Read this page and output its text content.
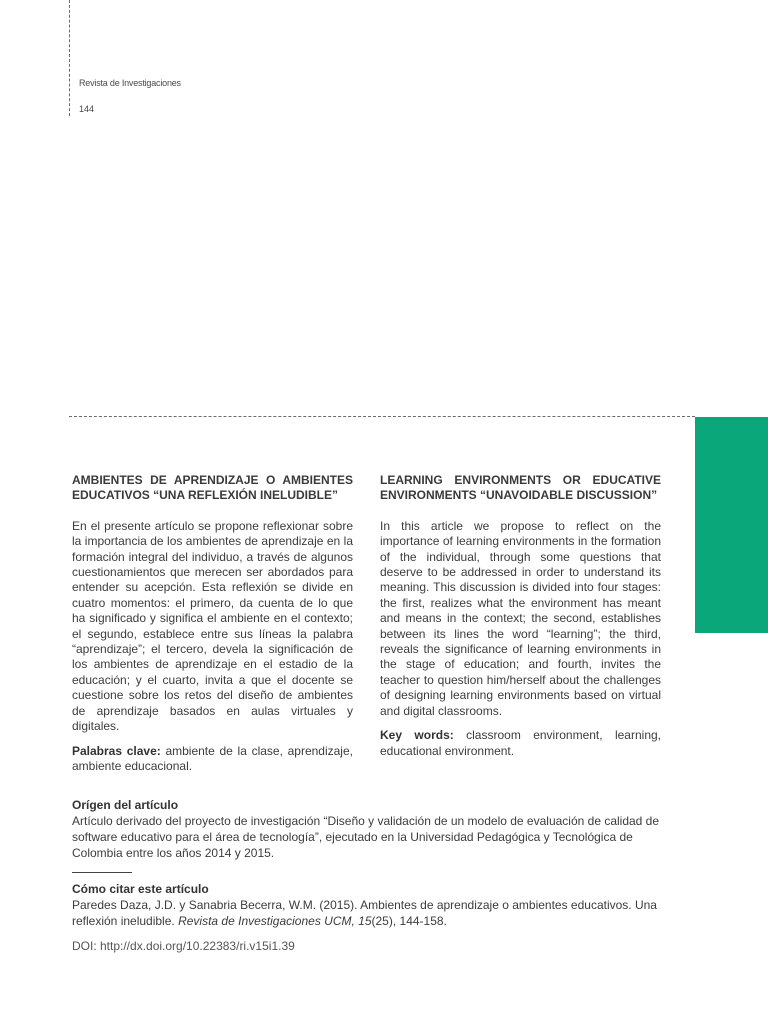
Revista de Investigaciones
144
AMBIENTES DE APRENDIZAJE O AMBIENTES EDUCATIVOS “UNA REFLEXIÓN INELUDIBLE”

En el presente artículo se propone reflexionar sobre la importancia de los ambientes de aprendizaje en la formación integral del individuo, a través de algunos cuestionamientos que merecen ser abordados para entender su acepción. Esta reflexión se divide en cuatro momentos: el primero, da cuenta de lo que ha significado y significa el ambiente en el contexto; el segundo, establece entre sus líneas la palabra “aprendizaje”; el tercero, devela la significación de los ambientes de aprendizaje en el estadio de la educación; y el cuarto, invita a que el docente se cuestione sobre los retos del diseño de ambientes de aprendizaje basados en aulas virtuales y digitales.

Palabras clave: ambiente de la clase, aprendizaje, ambiente educacional.

LEARNING ENVIRONMENTS OR EDUCATIVE ENVIRONMENTS “UNAVOIDABLE DISCUSSION”

In this article we propose to reflect on the importance of learning environments in the formation of the individual, through some questions that deserve to be addressed in order to understand its meaning. This discussion is divided into four stages: the first, realizes what the environment has meant and means in the context; the second, establishes between its lines the word “learning”; the third, reveals the significance of learning environments in the stage of education; and fourth, invites the teacher to question him/herself about the challenges of designing learning environments based on virtual and digital classrooms.

Key words: classroom environment, learning, educational environment.

Orígen del artículo
Artículo derivado del proyecto de investigación “Diseño y validación de un modelo de evaluación de calidad de software educativo para el área de tecnología”, ejecutado en la Universidad Pedagógica y Tecnológica de Colombia entre los años 2014 y 2015.
Cómo citar este artículo
Paredes Daza, J.D. y Sanabria Becerra, W.M. (2015). Ambientes de aprendizaje o ambientes educativos. Una reflexión ineludible. Revista de Investigaciones UCM, 15(25), 144-158.
DOI: http://dx.doi.org/10.22383/ri.v15i1.39
